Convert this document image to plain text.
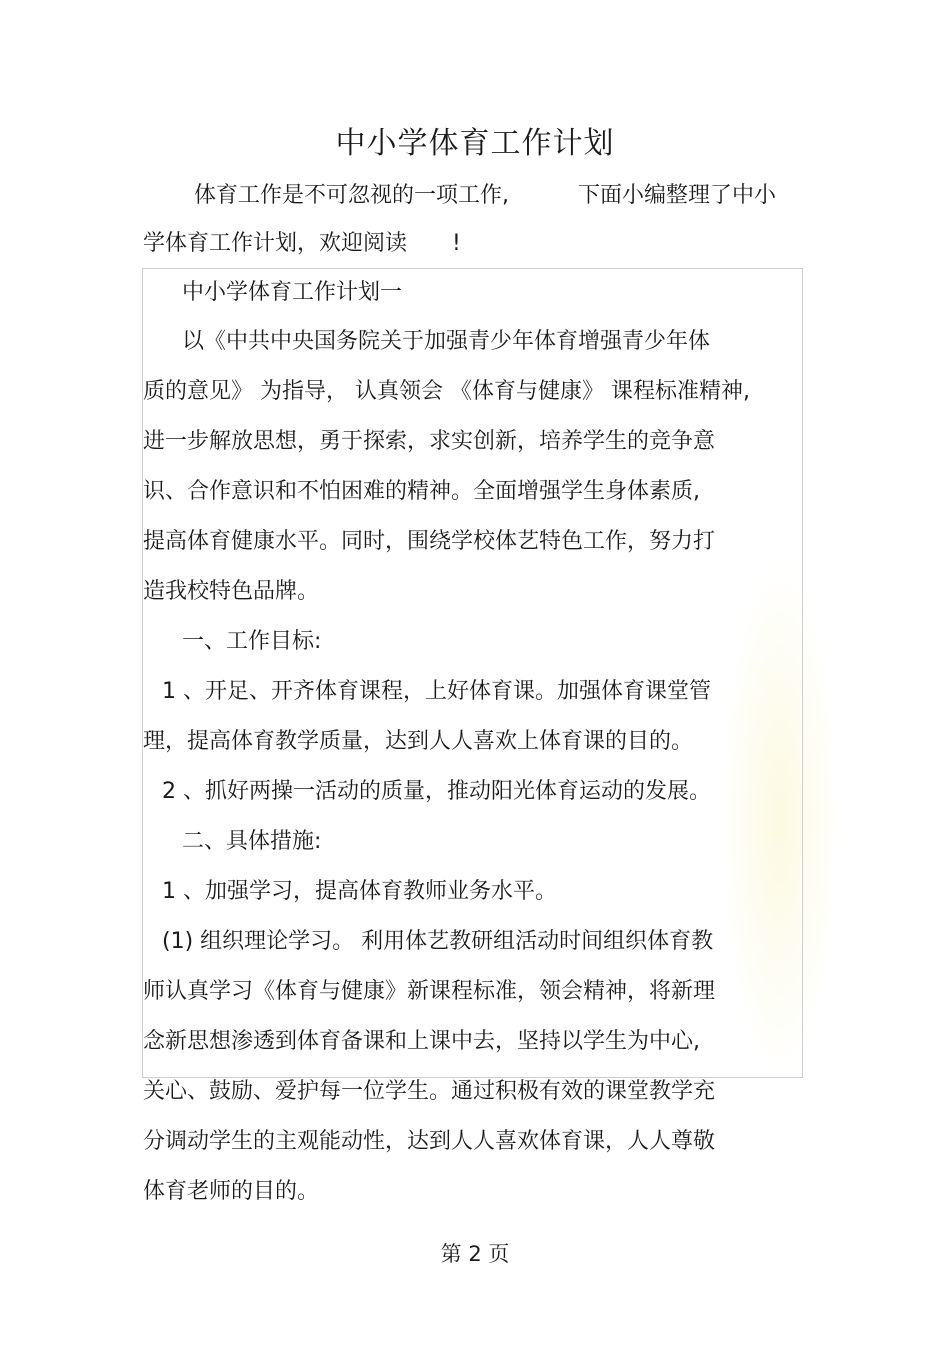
中小学体育工作计划
体育工作是不可忽视的一项工作,	下面小编整理了中小
学体育工作计划，欢迎阅读 !
中小学体育工作计划一
以《中共中央国务院关于加强青少年体育增强青少年体
质的意见》 为指导， 认真领会 《体育与健康》 课程标准精神,
进一步解放思想，勇于探索，求实创新，培养学生的竞争意
识、合作意识和不怕困难的精神。全面增强学生身体素质,
提高体育健康水平。同时，围绕学校体艺特色工作，努力打
造我校特色品牌。
一、工作目标:
1 、开足、开齐体育课程，上好体育课。加强体育课堂管
理，提高体育教学质量，达到人人喜欢上体育课的目的。
2 、抓好两操一活动的质量，推动阳光体育运动的发展。
二、具体措施:
1 、加强学习，提高体育教师业务水平。
(1) 组织理论学习。 利用体艺教研组活动时间组织体育教
师认真学习《体育与健康》新课程标准，领会精神，将新理
念新思想渗透到体育备课和上课中去，坚持以学生为中心,
关心、鼓励、爱护每一位学生。通过积极有效的课堂教学充
分调动学生的主观能动性，达到人人喜欢体育课，人人尊敬
体育老师的目的。
第 2 页
